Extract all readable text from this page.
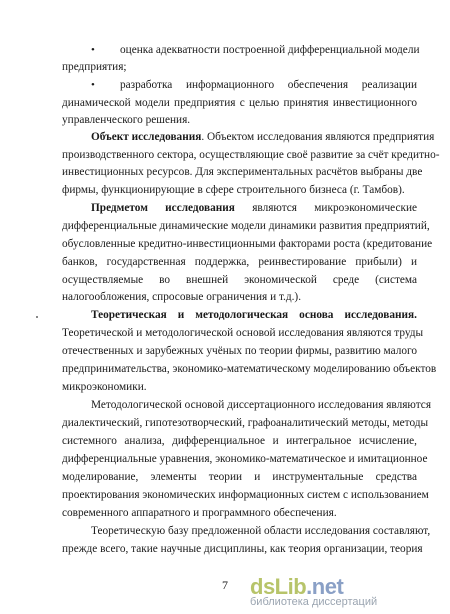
• оценка адекватности построенной дифференциальной модели
предприятия;
• разработка информационного обеспечения реализации
динамической модели предприятия с целью принятия инвестиционного
управленческого решения.
Объект исследования. Объектом исследования являются предприятия
производственного сектора, осуществляющие своё развитие за счёт кредитно-
инвестиционных ресурсов. Для экспериментальных расчётов выбраны две
фирмы, функционирующие в сфере строительного бизнеса (г. Тамбов).
Предметом исследования являются микроэкономические
дифференциальные динамические модели динамики развития предприятий,
обусловленные кредитно-инвестиционными факторами роста (кредитование
банков, государственная поддержка, реинвестирование прибыли) и
осуществляемые во внешней экономической среде (система
налогообложения, спросовые ограничения и т.д.).
Теоретическая и методологическая основа исследования.
Теоретической и методологической основой исследования являются труды
отечественных и зарубежных учёных по теории фирмы, развитию малого
предпринимательства, экономико-математическому моделированию объектов
микроэкономики.
Методологической основой диссертационного исследования являются
диалектический, гипотезотворческий, графоаналитический методы, методы
системного анализа, дифференциальное и интегральное исчисление,
дифференциальные уравнения, экономико-математическое и имитационное
моделирование, элементы теории и инструментальные средства
проектирования экономических информационных систем с использованием
современного аппаратного и программного обеспечения.
Теоретическую базу предложенной области исследования составляют,
прежде всего, такие научные дисциплины, как теория организации, теория
7	dsLib.net
библиотека диссертаций
